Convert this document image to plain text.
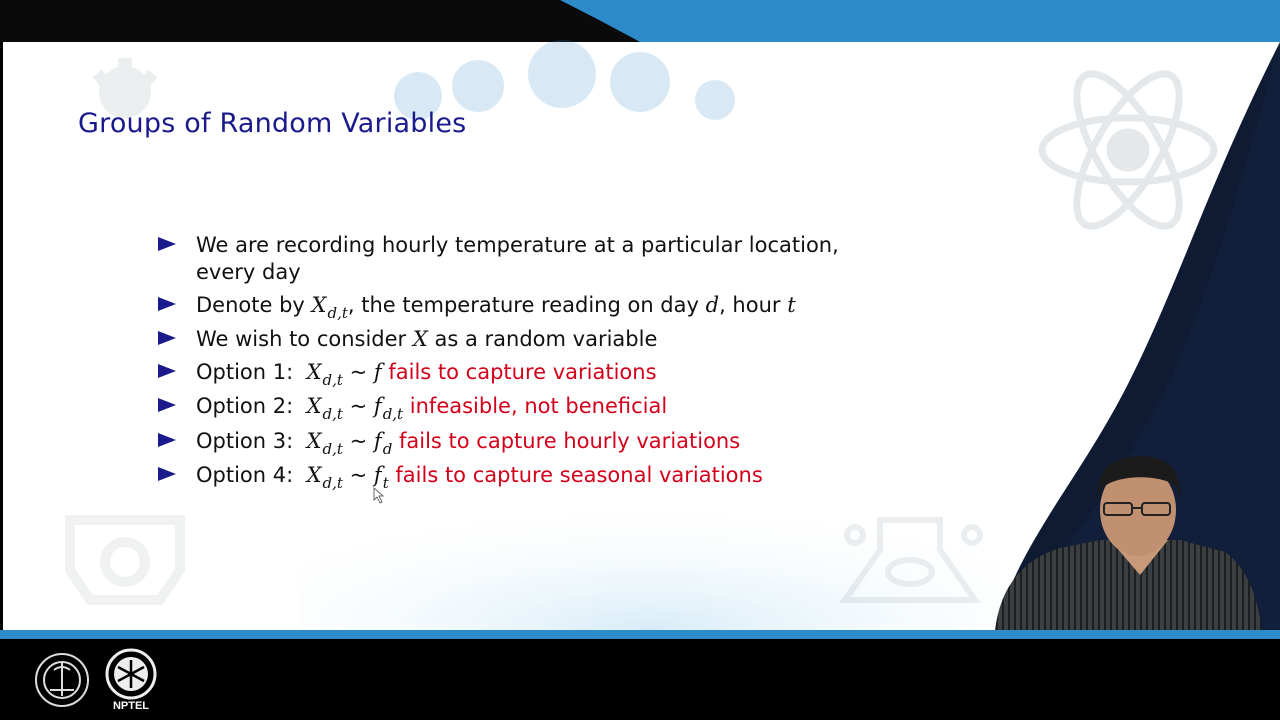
NPTEL
Groups of Random Variables
We are recording hourly temperature at a particular location,
every day
Denote by $X_{d,t}$, the temperature reading on day d, hour t
We wish to consider X as a random variable
Option 1: $X_{d,t}$ ~ f fails to capture variations
Option 2: $X_{d,t}$ ~ $f_{d,t}$ infeasible, not beneficial
Option 3: $X_{d,t}$ ~ $f_d$ fails to capture hourly variations
Option 4: $X_{d,t}$ ~ $f_t$ fails to capture seasonal variations
